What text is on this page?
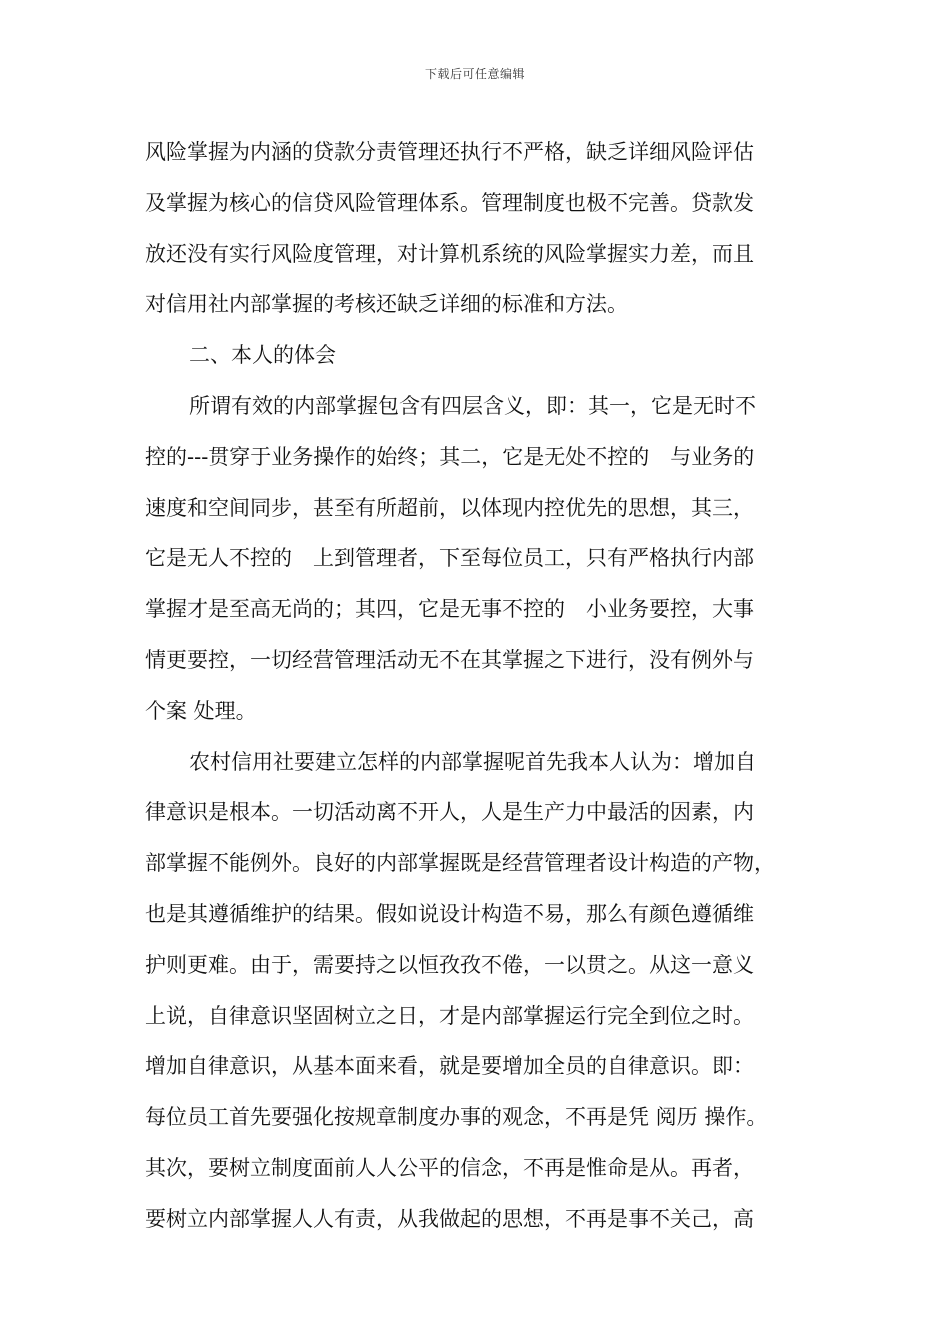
下载后可任意编辑
风险掌握为内涵的贷款分责管理还执行不严格，缺乏详细风险评估
及掌握为核心的信贷风险管理体系。管理制度也极不完善。贷款发
放还没有实行风险度管理，对计算机系统的风险掌握实力差，而且
对信用社内部掌握的考核还缺乏详细的标准和方法。
二、本人的体会
所谓有效的内部掌握包含有四层含义，即：其一，它是无时不
控的---贯穿于业务操作的始终；其二，它是无处不控的　与业务的
速度和空间同步，甚至有所超前，以体现内控优先的思想，其三，
它是无人不控的　上到管理者，下至每位员工，只有严格执行内部
掌握才是至高无尚的；其四，它是无事不控的　小业务要控，大事
情更要控，一切经营管理活动无不在其掌握之下进行，没有例外与
个案 处理。
农村信用社要建立怎样的内部掌握呢首先我本人认为：增加自
律意识是根本。一切活动离不开人，人是生产力中最活的因素，内
部掌握不能例外。良好的内部掌握既是经营管理者设计构造的产物，
也是其遵循维护的结果。假如说设计构造不易，那么有颜色遵循维
护则更难。由于，需要持之以恒孜孜不倦，一以贯之。从这一意义
上说，自律意识坚固树立之日，才是内部掌握运行完全到位之时。
增加自律意识，从基本面来看，就是要增加全员的自律意识。即：
每位员工首先要强化按规章制度办事的观念，不再是凭 阅历 操作。
其次，要树立制度面前人人公平的信念，不再是惟命是从。再者，
要树立内部掌握人人有责，从我做起的思想，不再是事不关己，高
